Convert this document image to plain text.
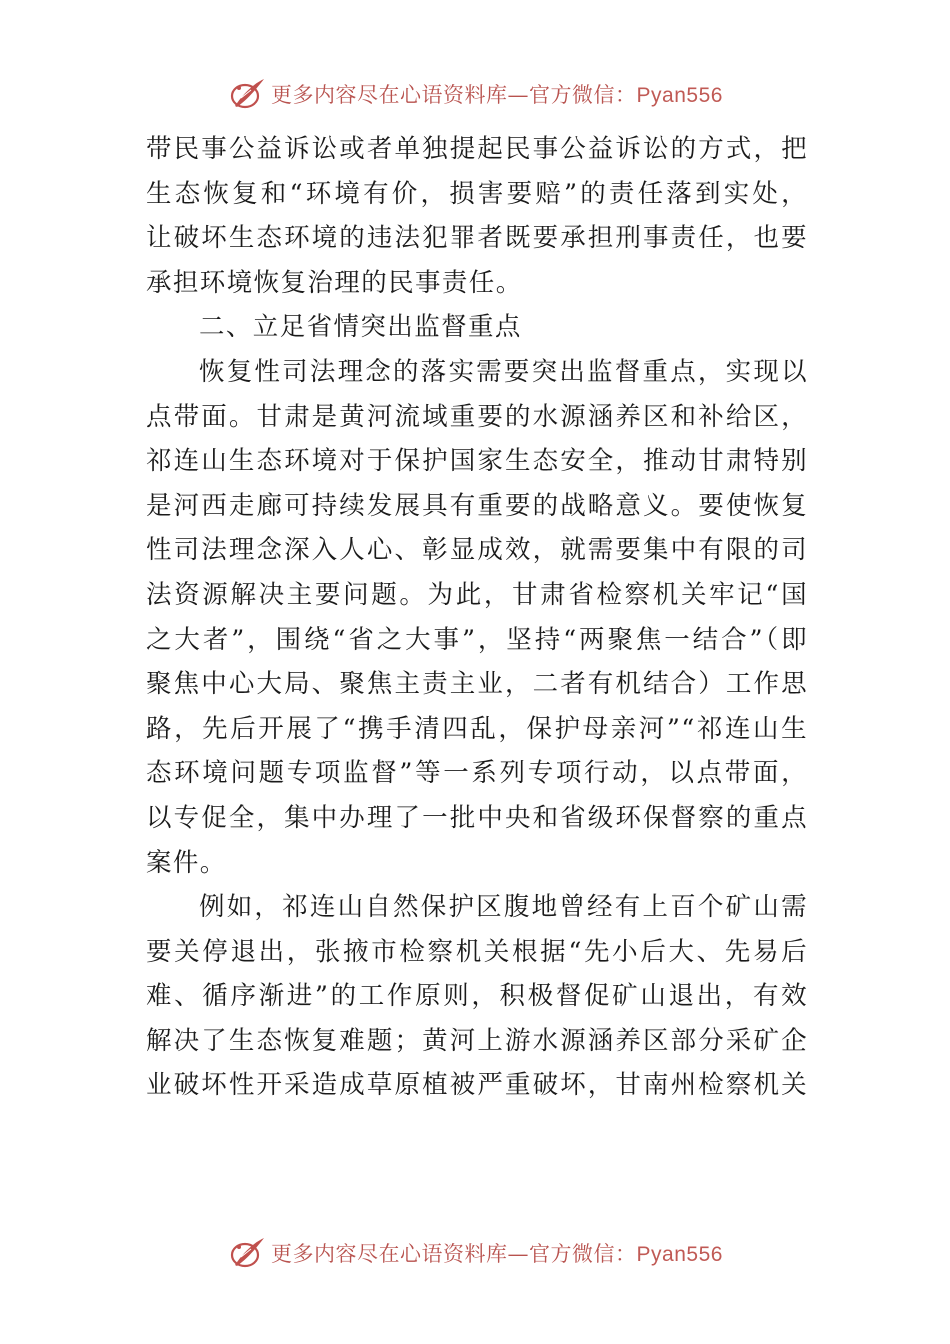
更多内容尽在心语资料库—官方微信：Pyan556
带民事公益诉讼或者单独提起民事公益诉讼的方式，把
生态恢复和“环境有价，损害要赔”的责任落到实处，
让破坏生态环境的违法犯罪者既要承担刑事责任，也要
承担环境恢复治理的民事责任。
二、立足省情突出监督重点
恢复性司法理念的落实需要突出监督重点，实现以
点带面。甘肃是黄河流域重要的水源涵养区和补给区，
祁连山生态环境对于保护国家生态安全，推动甘肃特别
是河西走廊可持续发展具有重要的战略意义。要使恢复
性司法理念深入人心、彰显成效，就需要集中有限的司
法资源解决主要问题。为此，甘肃省检察机关牢记“国
之大者”，围绕“省之大事”，坚持“两聚焦一结合”（即
聚焦中心大局、聚焦主责主业，二者有机结合）工作思
路，先后开展了“携手清四乱，保护母亲河”“祁连山生
态环境问题专项监督”等一系列专项行动，以点带面，
以专促全，集中办理了一批中央和省级环保督察的重点
案件。
例如，祁连山自然保护区腹地曾经有上百个矿山需
要关停退出，张掖市检察机关根据“先小后大、先易后
难、循序渐进”的工作原则，积极督促矿山退出，有效
解决了生态恢复难题；黄河上游水源涵养区部分采矿企
业破坏性开采造成草原植被严重破坏，甘南州检察机关
更多内容尽在心语资料库—官方微信：Pyan556
